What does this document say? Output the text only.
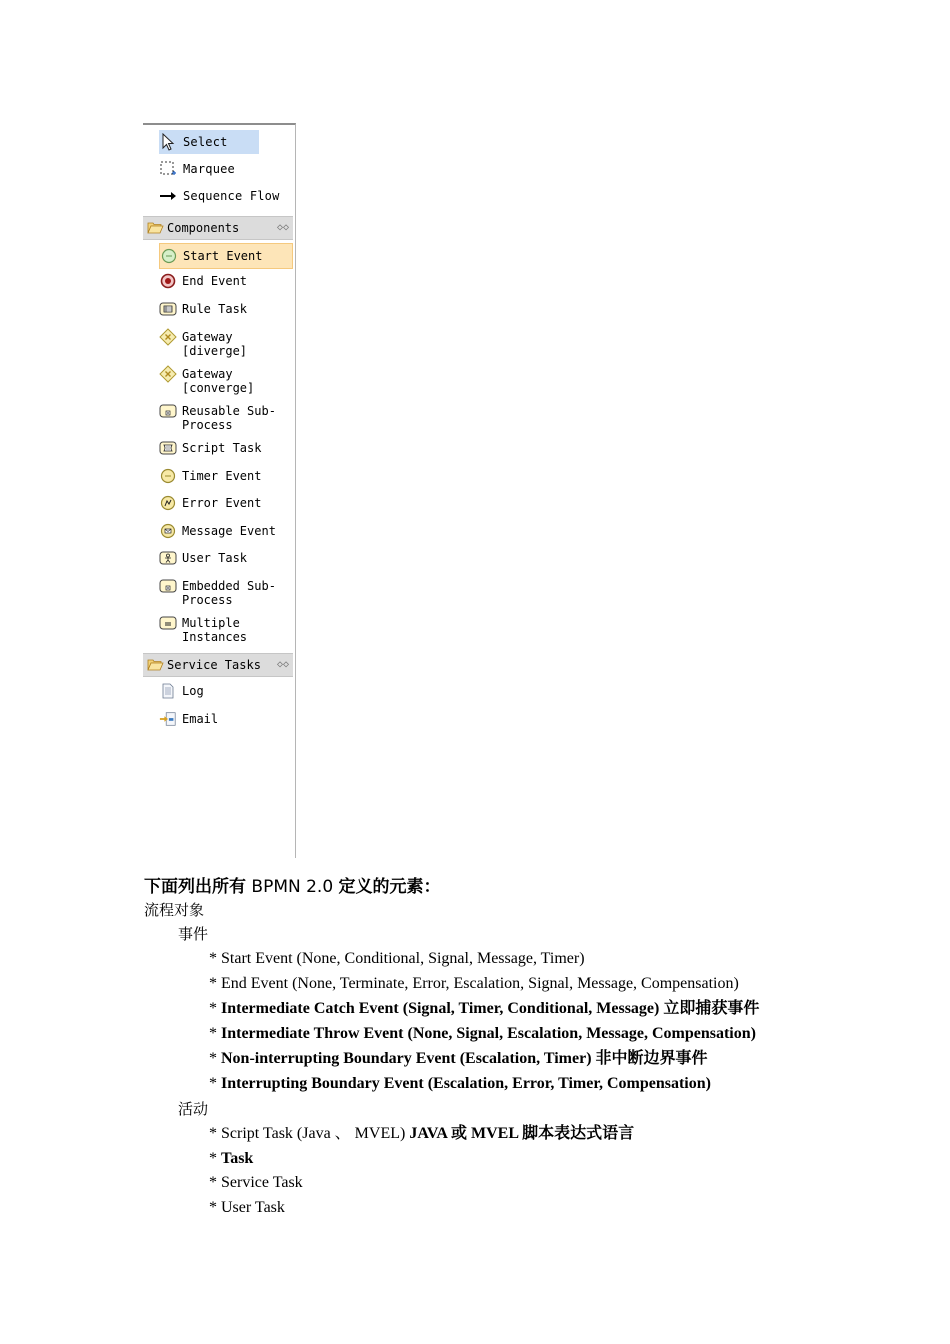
Select
Marquee
Sequence Flow
Components	◇◇
Start Event
End Event
Rule Task
Gateway
[diverge]
Gateway
[converge]
Reusable Sub-
Process
Script Task
Timer Event
Error Event
Message Event
User Task
Embedded Sub-
Process
Multiple
Instances
Service Tasks ◇◇
Log
Email
下面列出所有 BPMN 2.0 定义的元素：
流程对象
事件
* Start Event (None, Conditional, Signal, Message, Timer)
* End Event (None, Terminate, Error, Escalation, Signal, Message, Compensation)
* Intermediate Catch Event (Signal, Timer, Conditional, Message) 立即捕获事件
* Intermediate Throw Event (None, Signal, Escalation, Message, Compensation)
* Non-interrupting Boundary Event (Escalation, Timer) 非中断边界事件
* Interrupting Boundary Event (Escalation, Error, Timer, Compensation)
活动
* Script Task (Java 、 MVEL) JAVA 或 MVEL 脚本表达式语言
* Task
* Service Task
* User Task
